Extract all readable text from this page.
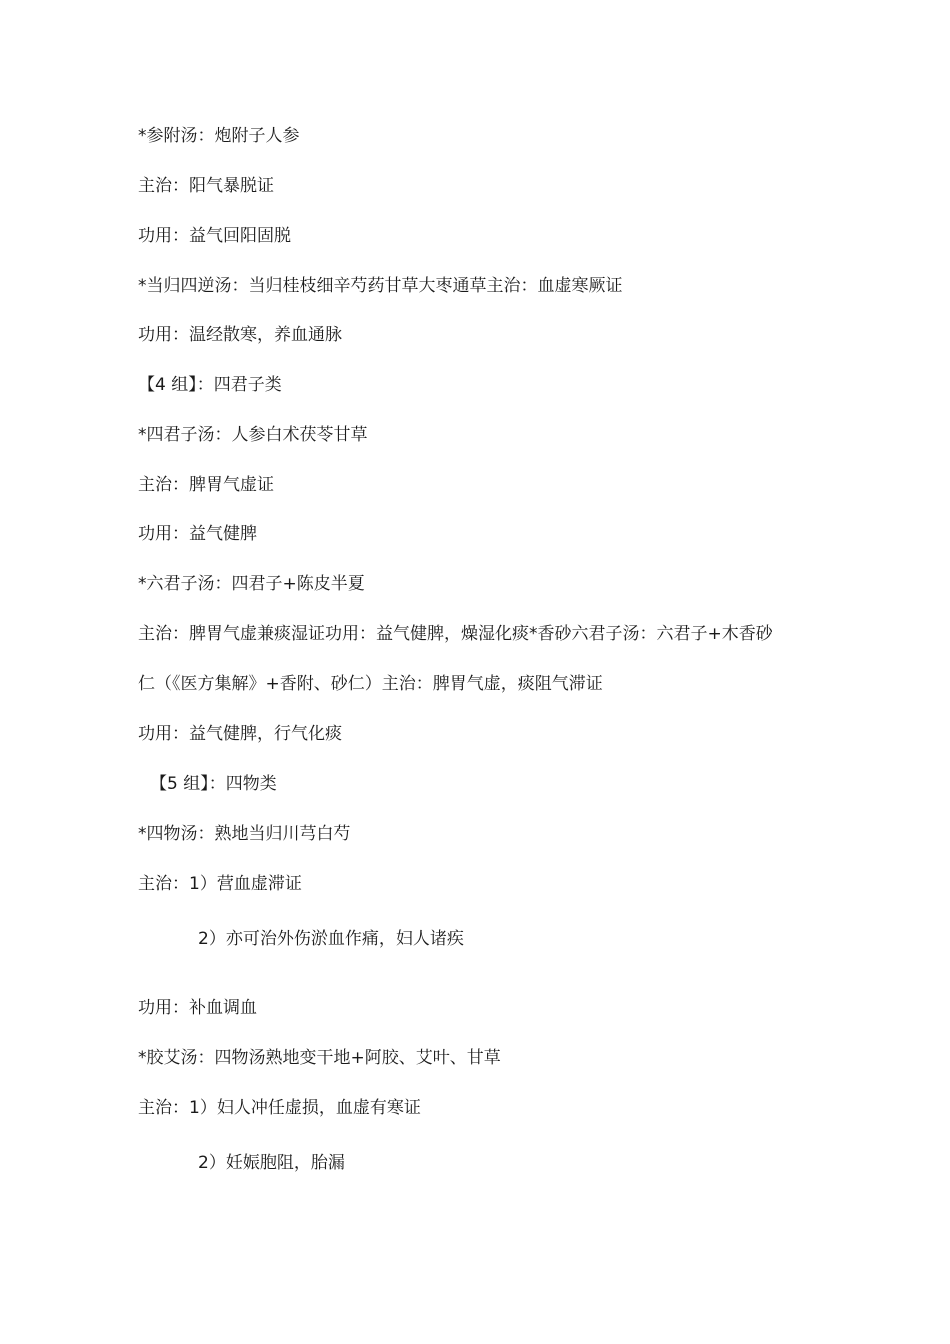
*参附汤：炮附子人参
主治：阳气暴脱证
功用：益气回阳固脱
*当归四逆汤：当归桂枝细辛芍药甘草大枣通草主治：血虚寒厥证
功用：温经散寒，养血通脉
【4 组】：四君子类
*四君子汤：人参白术茯苓甘草
主治：脾胃气虚证
功用：益气健脾
*六君子汤：四君子+陈皮半夏
主治：脾胃气虚兼痰湿证功用：益气健脾，燥湿化痰*香砂六君子汤：六君子+木香砂
仁（《医方集解》+香附、砂仁）主治：脾胃气虚，痰阻气滞证
功用：益气健脾，行气化痰
【5 组】：四物类
*四物汤：熟地当归川芎白芍
主治：1）营血虚滞证
2）亦可治外伤淤血作痛，妇人诸疾
功用：补血调血
*胶艾汤：四物汤熟地变干地+阿胶、艾叶、甘草
主治：1）妇人冲任虚损，血虚有寒证
2）妊娠胞阻，胎漏
